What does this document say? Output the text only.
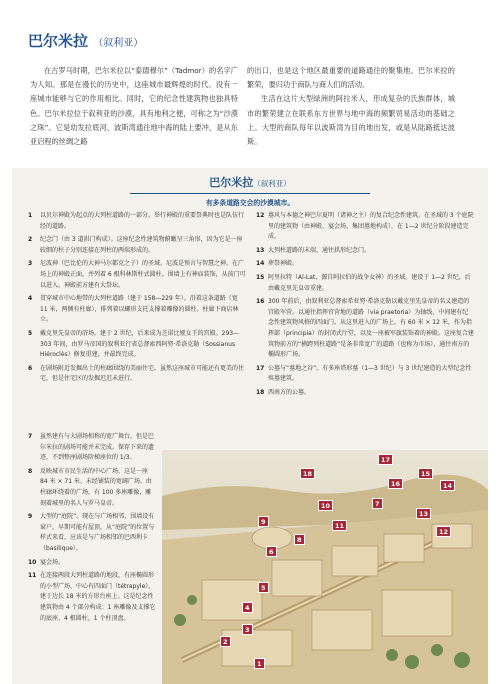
巴尔米拉 （叙利亚）

在古罗马时期，巴尔米拉以“泰德穆尔”（Tadmor）的名字广为人知。那是在漫长的历史中，这座城市最辉煌的时代。没有一座城市能够与它的作用相比。同时，它的纪念性建筑物也独具特色。巴尔米拉位于叙利亚的沙漠，具有地利之便，可称之为“沙漠之珠”。它是幼发拉底河、波斯湾通往地中海的陆上要冲，是从东亚启程的丝绸之路

的出口，也是这个地区最重要的道路通往的聚集地。巴尔米拉的繁荣，要归功于商队与商人们的活动。

生活在这片大型绿洲的阿拉米人，形成复杂的氏族群体，城市的繁荣建立在联系东方世界与地中海的频繁贸易活动的基础之上。大型的商队每年以波斯湾为目的地出发，或是从陆路抵达波斯。

巴尔米拉（叙利亚）
有多条道路交会的沙漠城市。
1 以贝尔神殿为起点的大列柱道路的一部分。举行神殿的重要祭典时也是队伍行经的道路。
2 纪念门（由 3 道拱门构成）。这座纪念性建筑物俯瞰呈三角形，因为它是一座较细的柱子分别连接在列柱的两端形成的。
3 尼波神（巴比伦的大神马尔都克之子）的圣域。尼波是预言与智慧之神。在广场上的神殿正面，并列着 6 根科林斯柱式圆柱。围墙上有神庙装饰，从前门可以进入。神殿前方建有大祭坛。
4 贯穿城市中心地带的大列柱道路（建于 158—229 年）。沿着这条道路（宽 11 米，两侧有柱廊），排列着以螺形支托支撑着雕像的圆柱。柱廊下商店林立。
5 戴克里先皇帝的浴场，建于 2 世纪，后来成为芝诺比娅女王的宫殿。293—303 年间，由罗马帝国的叙利亚行省总督索西阿努·希洛克勒（Sossianus Hiéroclès）修复重建，并最终完成。
6 在剧场附近发掘出土的柱廊围绕的美丽住宅。虽然这座城市可能还有更美的住宅，但是住宅区的发掘迟迟未进行。
12 墓风与本德之神巴尔夏明（诸神之主）的复合纪念性建筑。在圣域的 3 个庭院里的建筑物（由神殿、宴会场、集团墓地构成），在 1—2 世纪分阶段建造完成。
13 大列柱道路的末端，通往拱形纪念门。
14 葬祭神殿。
15 阿里拉特（Al-Lat，源自阿拉伯的战争女神）的圣域。建设于 1—2 世纪，后由戴克里先皇帝重建。
16 300 年前后，由叙利亚总督索希亚努·希洛克勒以戴克里先皇帝的名义建造的宫殿军营。以通往指挥官营地的道路（via praetoria）为轴线，中间建有纪念性建筑物风格的四面门。从这里进入的广场上，有 60 米 × 12 米，作为指挥部（principia）的封闭式厅堂，以及一座被军旗装饰着的神殿。这座复合建筑物前方的“横跨列柱道路”是条非常宽广的道路（也称为市场），通往南方的椭圆形广场。
17 公墓与“墓地之谷”。有多座塔形墓（1—3 世纪）与 3 世纪建造的大型纪念性殡墓建筑。
18 西南方的公墓。
7 虽然建有与大剧场相称的宽广舞台，但是巴尔米拉的剧场可能并未完成。保存下来的遗迹，不到整座剧场阶梯座位的 1/3。
8 反映城市市民生活的中心广场。这是一座 84 米 × 71 米、未经铺装的宽阔广场。由柱廊环绕着的广场，有 100 多座雕像，雕刻着城里的名人与罗马皇帝。
9 大型的“庭院”。现在与广场相邻，围墙设有窗户，早期可能有屋顶。从“庭院”的位置与样式来看，应该是与广场相邻的巴西利卡（basilique）。
10 宴会场。
11 在连接两段大列柱道路的地段，有座椭圆形的小型广场，中心有四面门（tétrapyle），建于边长 18 米的方形台座上。这是纪念性建筑物由 4 个部分构成：1 座雕像及支撑它的底座、4 根圆柱，1 个柱顶盘。
17
18
16
15
14
7
10
11
13
12
9
8
6
5
4
3
2
1
